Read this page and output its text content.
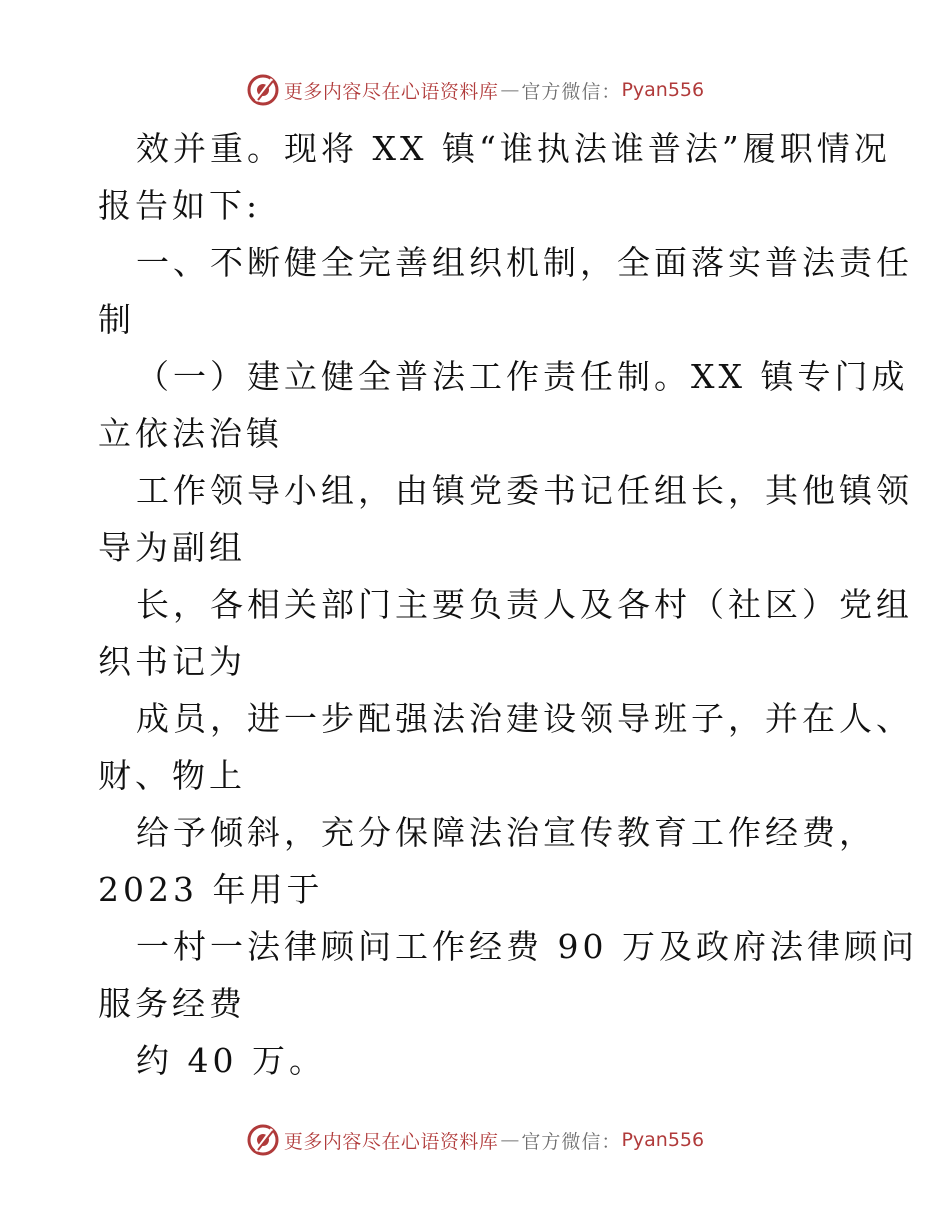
更多内容尽在心语资料库 — 官方微信： Pyan556
效并重。现将 XX 镇“谁执法谁普法”履职情况
报告如下:
一、不断健全完善组织机制，全面落实普法责任
制
（一）建立健全普法工作责任制。XX 镇专门成
立依法治镇
工作领导小组，由镇党委书记任组长，其他镇领
导为副组
长，各相关部门主要负责人及各村（社区）党组
织书记为
成员，进一步配强法治建设领导班子，并在人、
财、物上
给予倾斜，充分保障法治宣传教育工作经费，
2023 年用于
一村一法律顾问工作经费 90 万及政府法律顾问
服务经费
约 40 万。
更多内容尽在心语资料库 — 官方微信： Pyan556
